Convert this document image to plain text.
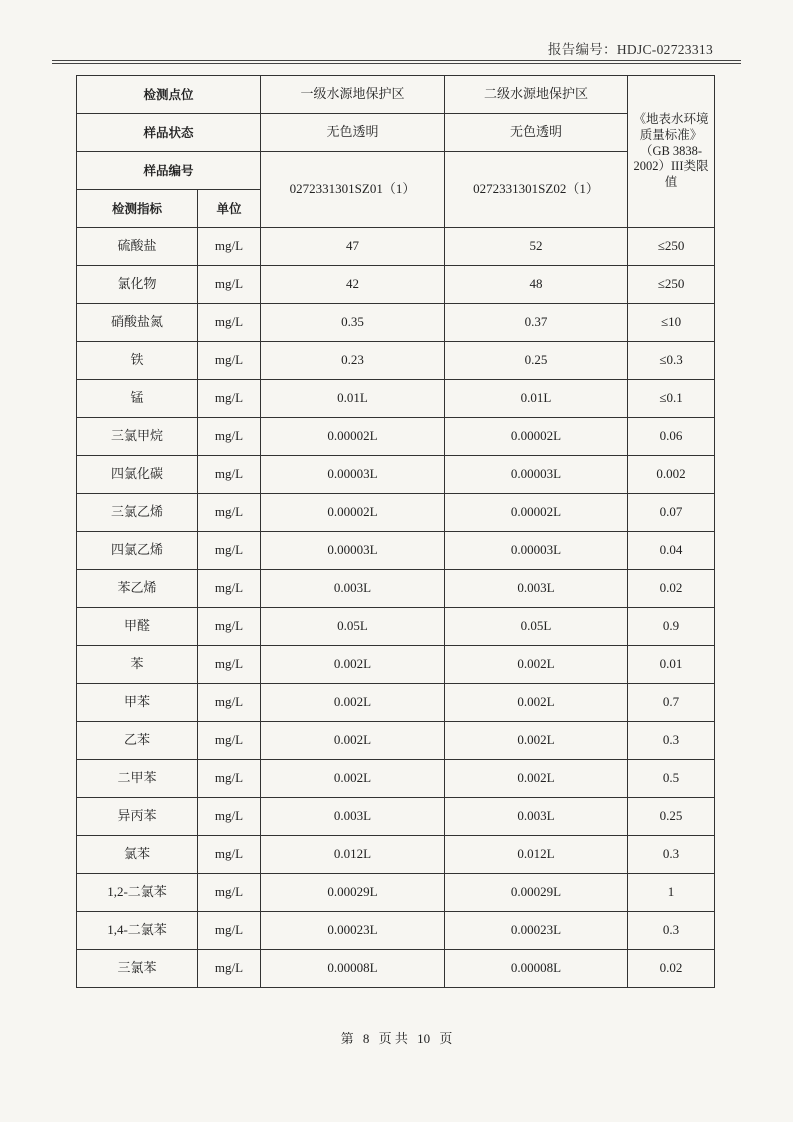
报告编号：HDJC-02723313
检测点位		一级水源地保护区	二级水源地保护区	《地表水环境质量标准》（GB 3838-2002）III类限值
样品状态		无色透明	无色透明	
样品编号		0272331301SZ01（1）	0272331301SZ02（1）	
检测指标	单位			
硫酸盐	mg/L	47	52	≤250
氯化物	mg/L	42	48	≤250
硝酸盐氮	mg/L	0.35	0.37	≤10
铁	mg/L	0.23	0.25	≤0.3
锰	mg/L	0.01L	0.01L	≤0.1
三氯甲烷	mg/L	0.00002L	0.00002L	0.06
四氯化碳	mg/L	0.00003L	0.00003L	0.002
三氯乙烯	mg/L	0.00002L	0.00002L	0.07
四氯乙烯	mg/L	0.00003L	0.00003L	0.04
苯乙烯	mg/L	0.003L	0.003L	0.02
甲醛	mg/L	0.05L	0.05L	0.9
苯	mg/L	0.002L	0.002L	0.01
甲苯	mg/L	0.002L	0.002L	0.7
乙苯	mg/L	0.002L	0.002L	0.3
二甲苯	mg/L	0.002L	0.002L	0.5
异丙苯	mg/L	0.003L	0.003L	0.25
氯苯	mg/L	0.012L	0.012L	0.3
1,2-二氯苯	mg/L	0.00029L	0.00029L	1
1,4-二氯苯	mg/L	0.00023L	0.00023L	0.3
三氯苯	mg/L	0.00008L	0.00008L	0.02
第 8 页 共 10 页
